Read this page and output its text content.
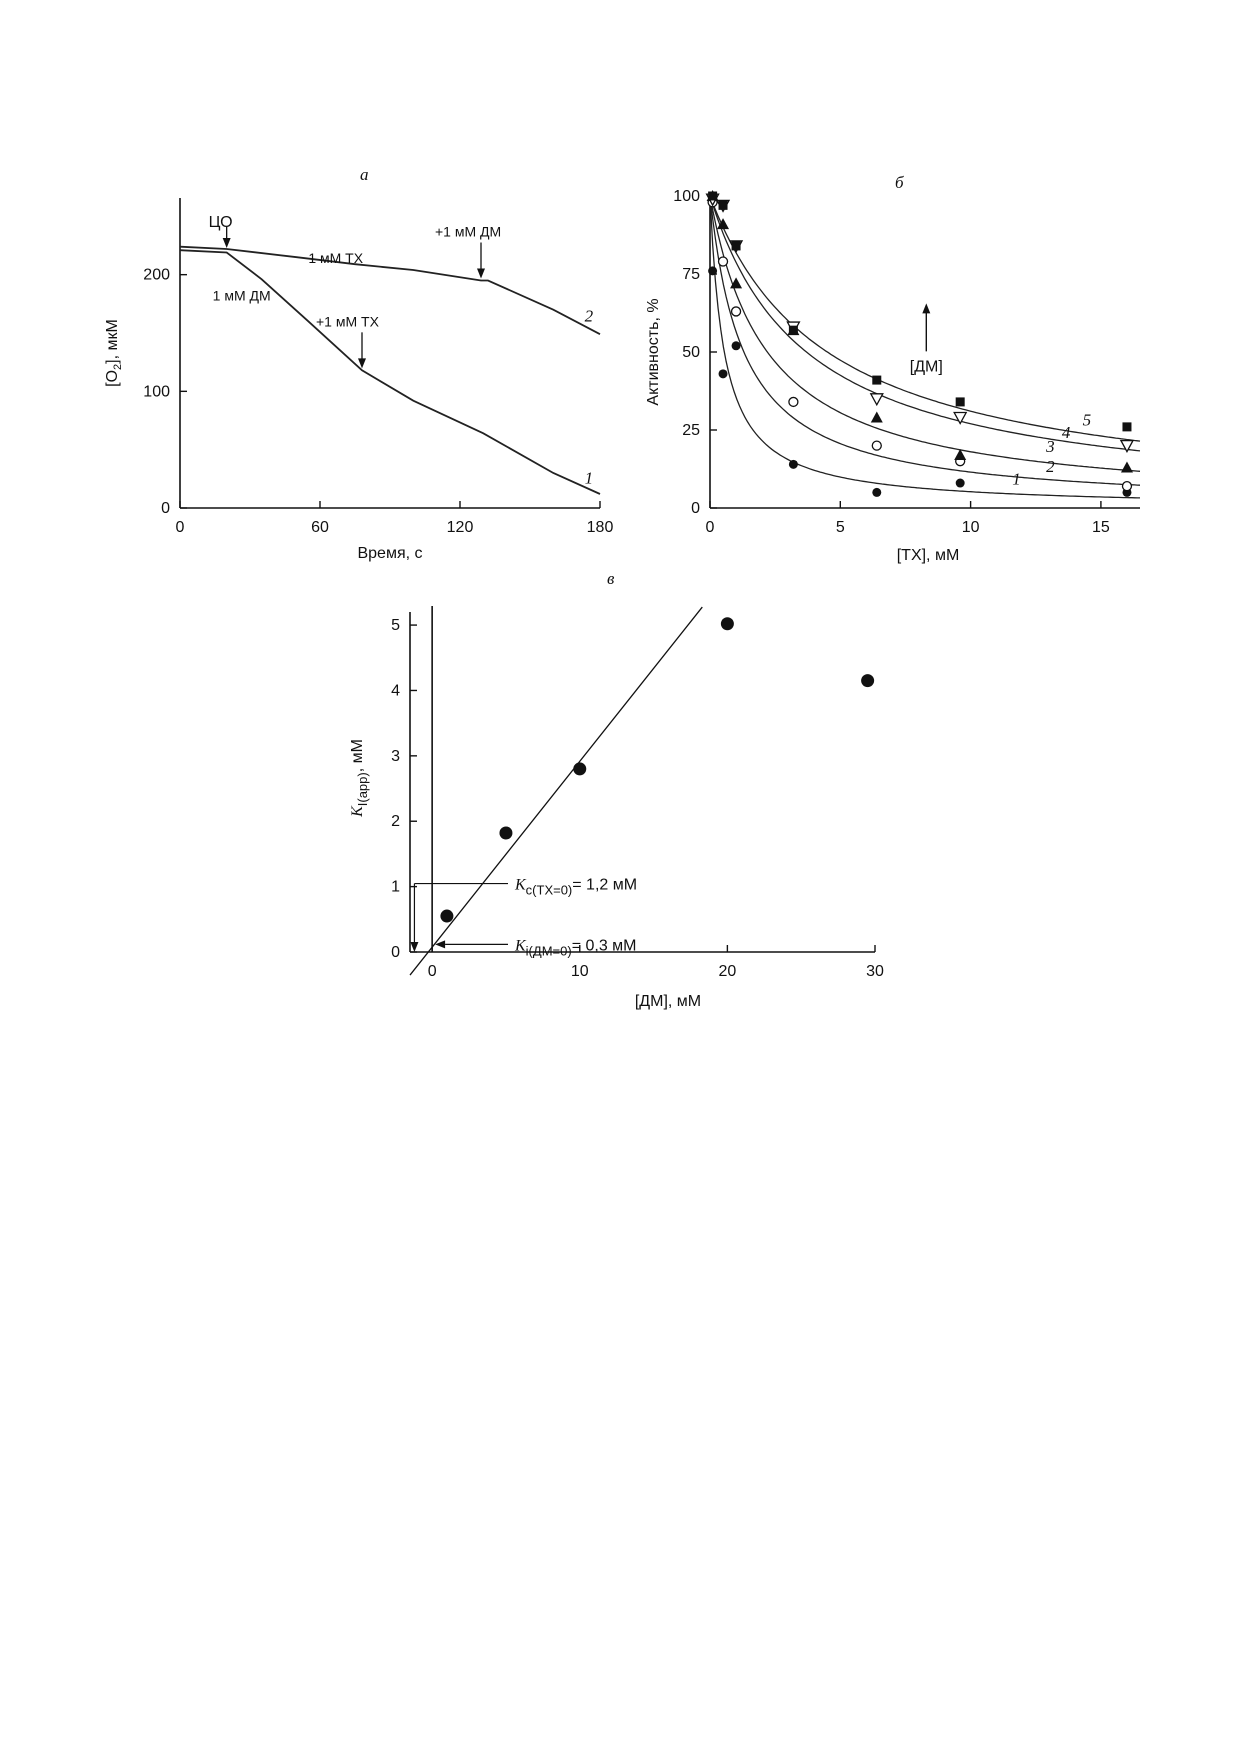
a
0	60	120	180
0
100
200
ЦО
1 мМ ТХ
+1 мМ ДМ
1 мМ ДМ
+1 мМ ТХ	2
1
Время, с
$[O_2]$, мкМ
б
0	5	10	15
0
25
50
75
100
[ДМ]
1
2
3
4
5
[ТХ], мМ
Активность, %
в
0	10	20	30
0
1
2
3
4
5
$K_{c(ТХ=0)}= 1,2$ мМ
$K_{i(ДМ=0)}= 0,3$ мМ
[ДМ], мМ
$K_{I(app)}$, мМ
